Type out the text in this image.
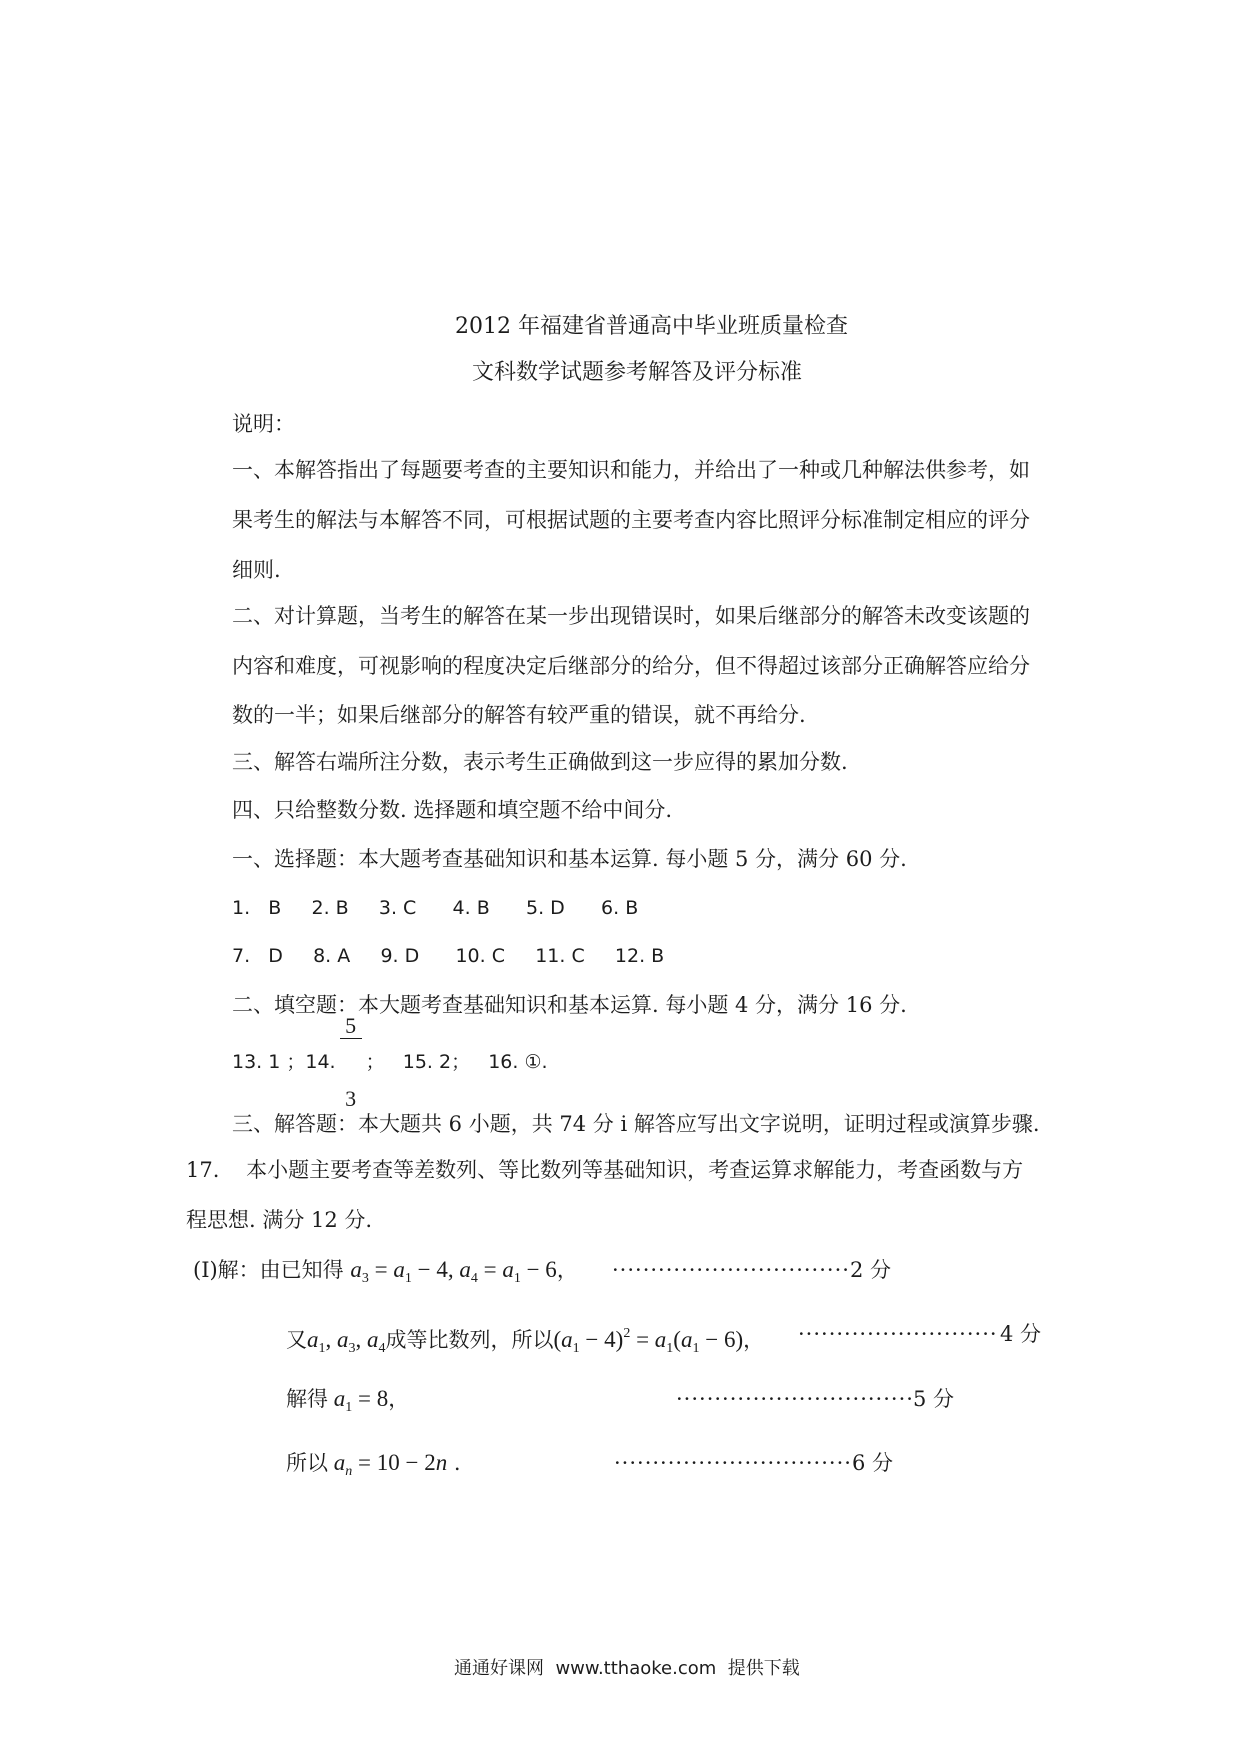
2012 年福建省普通高中毕业班质量检查
文科数学试题参考解答及评分标准
说明：
一、本解答指出了每题要考查的主要知识和能力，并给出了一种或几种解法供参考，如
果考生的解法与本解答不同，可根据试题的主要考查内容比照评分标准制定相应的评分
细则.
二、对计算题，当考生的解答在某一步出现错误时，如果后继部分的解答未改变该题的
内容和难度，可视影响的程度决定后继部分的给分，但不得超过该部分正确解答应给分
数的一半；如果后继部分的解答有较严重的错误，就不再给分.
三、解答右端所注分数，表示考生正确做到这一步应得的累加分数.
四、只给整数分数. 选择题和填空题不给中间分.
一、选择题：本大题考查基础知识和基本运算. 每小题 5 分，满分 60 分.
1.   B     2. B     3. C      4. B      5. D      6. B
7.   D     8. A     9. D      10. C     11. C     12. B
二、填空题：本大题考查基础知识和基本运算. 每小题 4 分，满分 16 分.
13. 1 ；14.

$\frac{5}{3}$

；   15. 2；   16. ①.
三、解答题：本大题共 6 小题，共 74 分 i 解答应写出文字说明，证明过程或演算步骤.
17.    本小题主要考查等差数列、等比数列等基础知识，考查运算求解能力，考查函数与方
程思想. 满分 12 分.
(Ⅰ)解：由已知得 $a_3 = a_1 - 4$, $a_4 = a_1 - 6$， ······························· 2 分
又$a_1$, $a_3$, $a_4$成等比数列，所以$(a_1 - 4)^2 = a_1(a_1 - 6)$， ·························· 4 分
解得 $a_1 = 8$，	······························· 5 分
所以 $a_n = 10 - 2n$ .	······························· 6 分
通通好课网  www.tthaoke.com  提供下载
